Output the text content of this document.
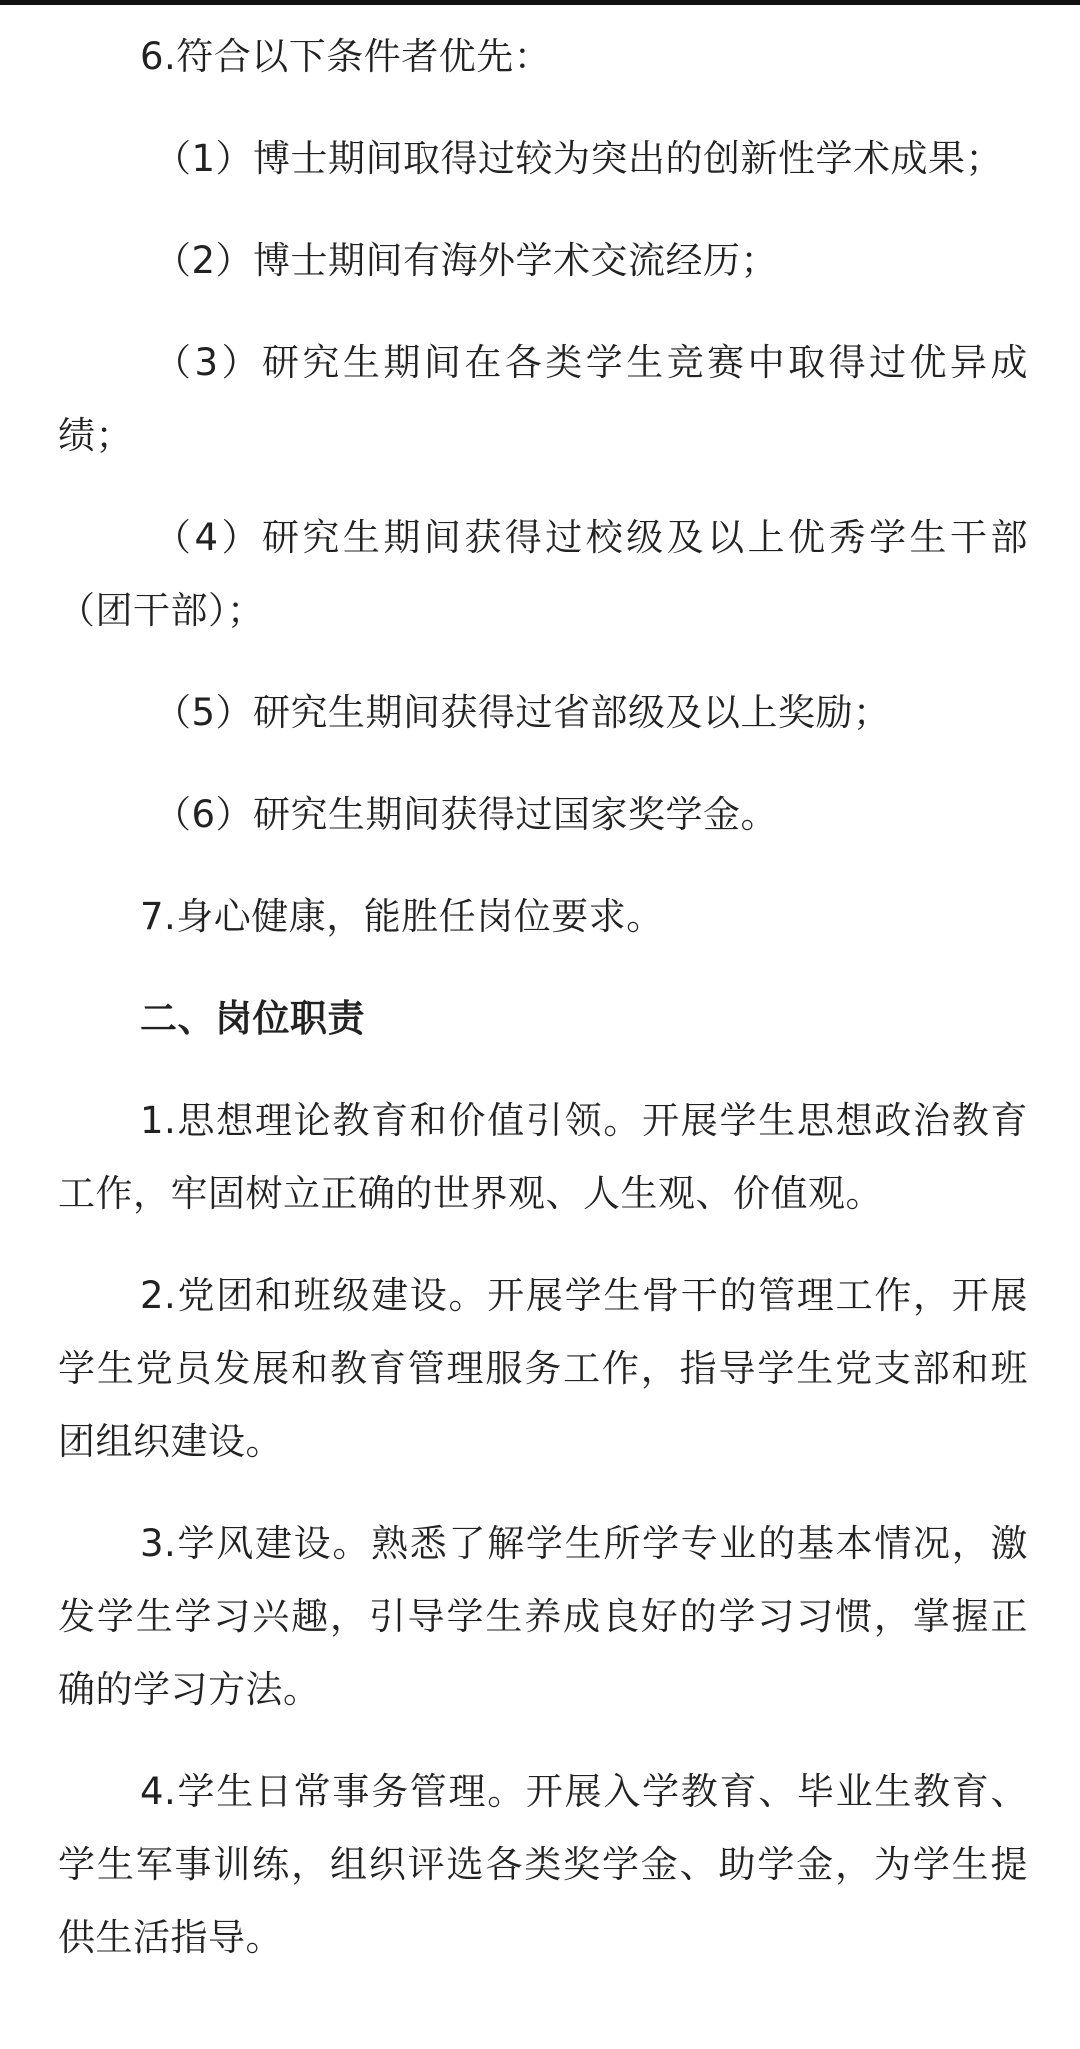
6.符合以下条件者优先：

（1）博士期间取得过较为突出的创新性学术成果；

（2）博士期间有海外学术交流经历；

（3）研究生期间在各类学生竞赛中取得过优异成绩；

（4）研究生期间获得过校级及以上优秀学生干部（团干部）；

（5）研究生期间获得过省部级及以上奖励；

（6）研究生期间获得过国家奖学金。

7.身心健康，能胜任岗位要求。

二、岗位职责

1.思想理论教育和价值引领。开展学生思想政治教育工作，牢固树立正确的世界观、人生观、价值观。

2.党团和班级建设。开展学生骨干的管理工作，开展学生党员发展和教育管理服务工作，指导学生党支部和班团组织建设。

3.学风建设。熟悉了解学生所学专业的基本情况，激发学生学习兴趣，引导学生养成良好的学习习惯，掌握正确的学习方法。

4.学生日常事务管理。开展入学教育、毕业生教育、学生军事训练，组织评选各类奖学金、助学金，为学生提供生活指导。
